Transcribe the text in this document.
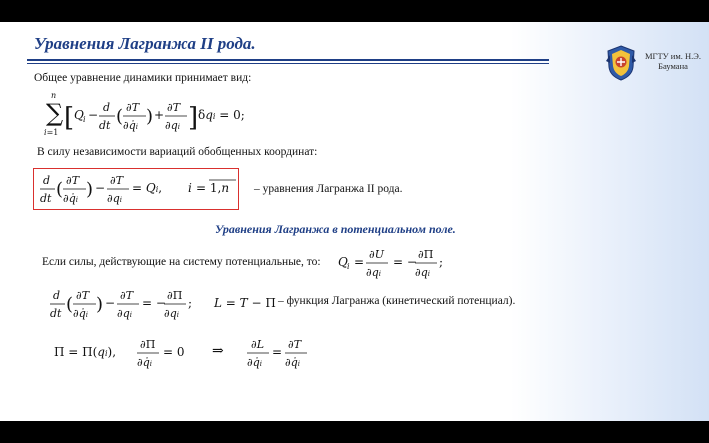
Уравнения Лагранжа II рода.
МГТУ им. Н.Э. Баумана
Общее уравнение динамики принимает вид:
∑
n
i=1 [ Q i −
d
dt ( ∂T
∂q̇i ) +
∂T
∂qi ] δqi = 0;
В силу независимости вариаций обобщенных координат:
d
dt ( ∂T
∂q̇i ) −
∂T
∂qi
= Qi, i = 1,n – уравнения Лагранжа II рода.
Уравнения Лагранжа в потенциальном поле.
Если силы, действующие на систему потенциальные, то: Q i =
∂U
∂qi
= −
∂Π
∂qi
;
d
dt ( ∂T
∂q̇i ) −
∂T
∂qi
= −
∂Π
∂qi
; L = T − Π – функция Лагранжа (кинетический потенциал).
Π = Π(qi),
∂Π
∂q̇i
= 0 ⇒ ∂L
∂q̇i
=
∂T
∂q̇i
